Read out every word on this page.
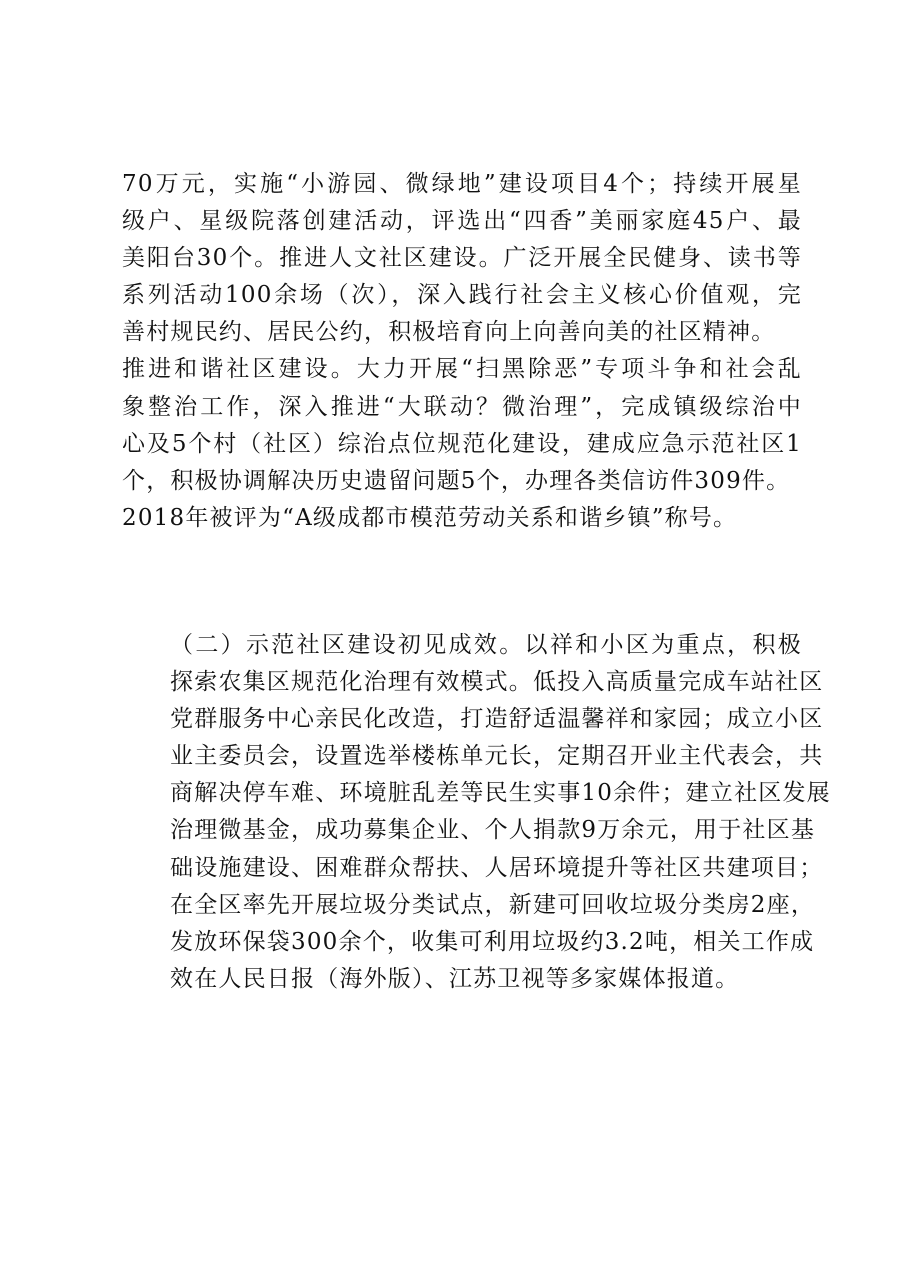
70万元，实施“小游园、微绿地”建设项目4个；持续开展星
级户、星级院落创建活动，评选出“四香”美丽家庭45户、最
美阳台30个。推进人文社区建设。广泛开展全民健身、读书等
系列活动100余场（次），深入践行社会主义核心价值观，完
善村规民约、居民公约，积极培育向上向善向美的社区精神。
推进和谐社区建设。大力开展“扫黑除恶”专项斗争和社会乱
象整治工作，深入推进“大联动？微治理”，完成镇级综治中
心及5个村（社区）综治点位规范化建设，建成应急示范社区1
个，积极协调解决历史遗留问题5个，办理各类信访件309件。
2018年被评为“A级成都市模范劳动关系和谐乡镇”称号。

（二）示范社区建设初见成效。以祥和小区为重点，积极
探索农集区规范化治理有效模式。低投入高质量完成车站社区
党群服务中心亲民化改造，打造舒适温馨祥和家园；成立小区
业主委员会，设置选举楼栋单元长，定期召开业主代表会，共
商解决停车难、环境脏乱差等民生实事10余件；建立社区发展
治理微基金，成功募集企业、个人捐款9万余元，用于社区基
础设施建设、困难群众帮扶、人居环境提升等社区共建项目；
在全区率先开展垃圾分类试点，新建可回收垃圾分类房2座，
发放环保袋300余个，收集可利用垃圾约3.2吨，相关工作成
效在人民日报（海外版）、江苏卫视等多家媒体报道。
